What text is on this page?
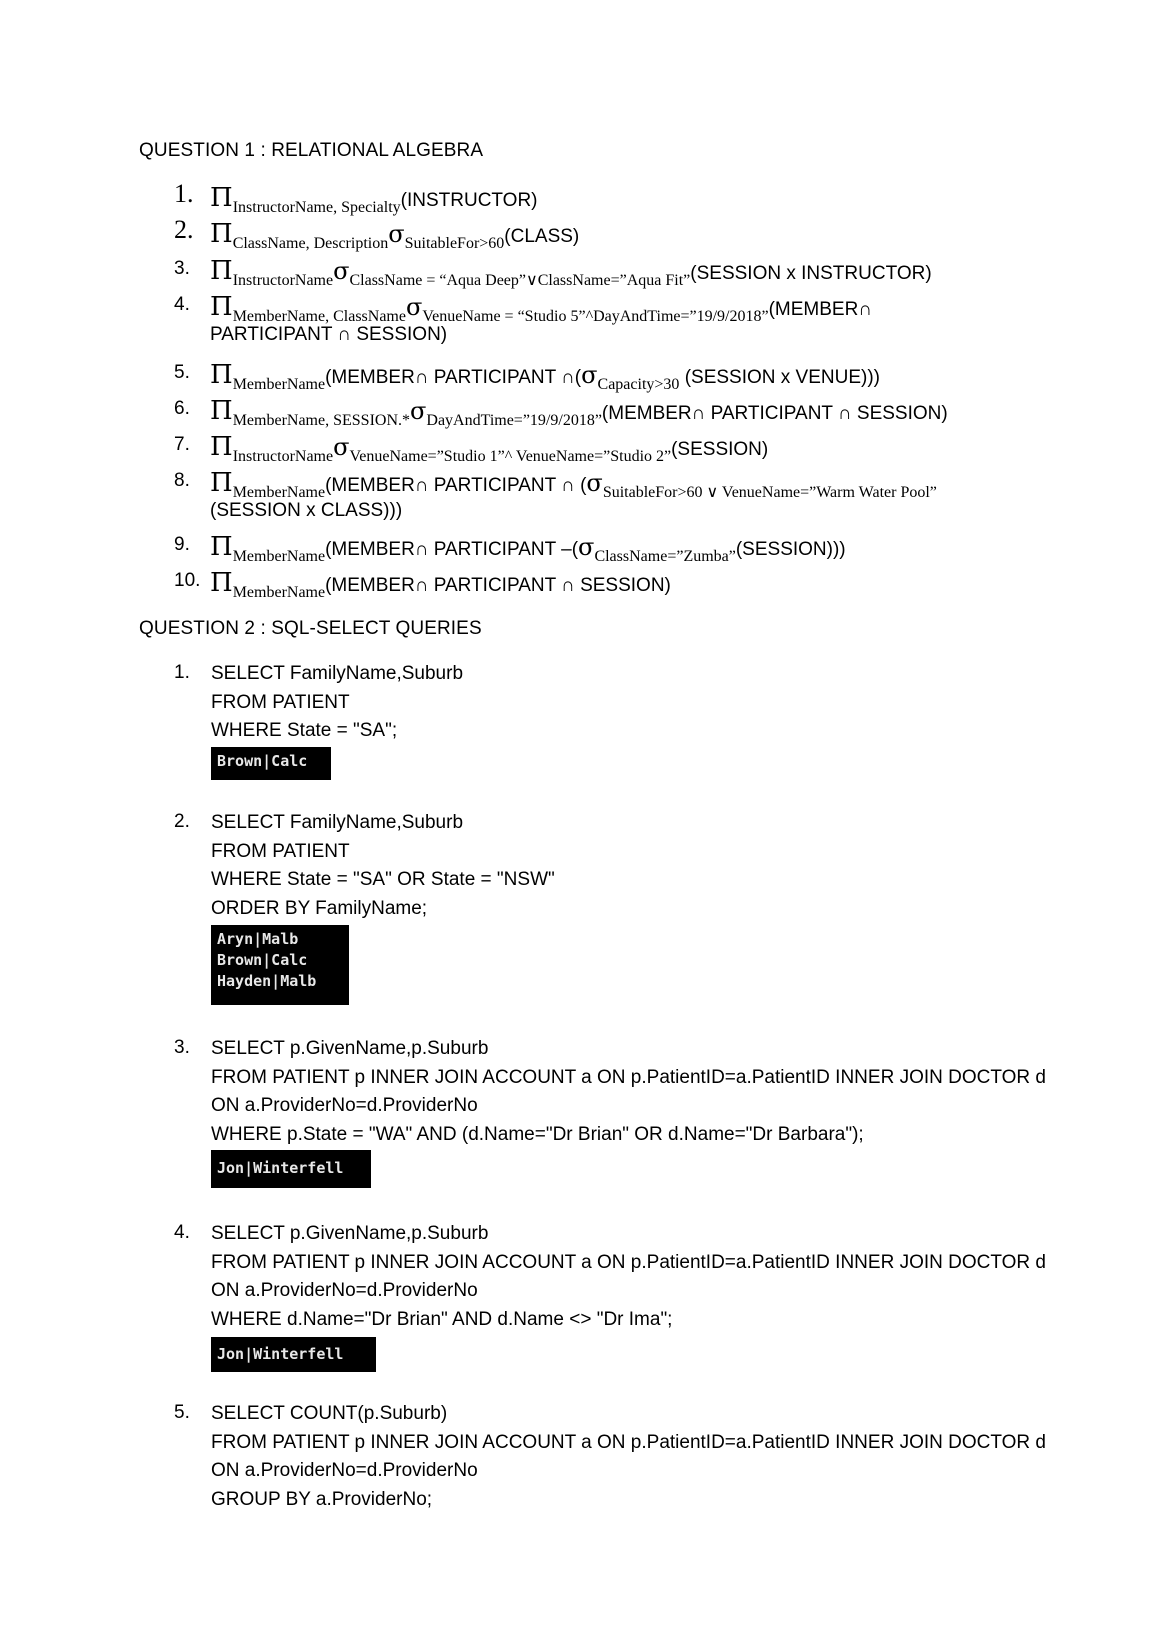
QUESTION 1 : RELATIONAL ALGEBRA
1. $\Pi_{InstructorName, Specialty}(INSTRUCTOR)$
2. $\Pi_{ClassName, Description}\sigma_{SuitableFor>60}(CLASS)$
3. $\Pi_{InstructorName}\sigma_{ClassName = “Aqua Deep”\vee ClassName=”Aqua Fit”}(SESSION$ x INSTRUCTOR)
4. $\Pi_{MemberName, ClassName}\sigma_{VenueName = “Studio 5”\^{}DayAndTime=”19/9/2018”}(MEMBER\cap$
PARTICIPANT ∩ SESSION)
5. $\Pi_{MemberName}(MEMBER\cap$ PARTICIPANT $\cap(\sigma_{Capacity>30}$ (SESSION x VENUE)))
6. $\Pi_{MemberName, SESSION.*}\sigma_{DayAndTime=”19/9/2018”}(MEMBER\cap$ PARTICIPANT ∩ SESSION)
7. $\Pi_{InstructorName}\sigma_{VenueName=”Studio 1”\^{} VenueName=”Studio 2”}(SESSION)$
8. $\Pi_{MemberName}(MEMBER\cap$ PARTICIPANT ∩ ($\sigma_{SuitableFor>60 \vee VenueName=”Warm Water Pool”}$
(SESSION x CLASS)))
9. $\Pi_{MemberName}(MEMBER\cap$ PARTICIPANT $-(\sigma_{ClassName=”Zumba”}(SESSION))$)
10. $\Pi_{MemberName}(MEMBER\cap$ PARTICIPANT ∩ SESSION)
QUESTION 2 : SQL-SELECT QUERIES
1.	SELECT FamilyName,Suburb
FROM PATIENT
WHERE State = "SA";
Brown|Calc
2.	SELECT FamilyName,Suburb
FROM PATIENT
WHERE State = "SA" OR State = "NSW"
ORDER BY FamilyName;
Aryn|Malb
Brown|Calc
Hayden|Malb
3.	SELECT p.GivenName,p.Suburb
FROM PATIENT p INNER JOIN ACCOUNT a ON p.PatientID=a.PatientID INNER JOIN DOCTOR d
ON a.ProviderNo=d.ProviderNo
WHERE p.State = "WA" AND (d.Name="Dr Brian" OR d.Name="Dr Barbara");
Jon|Winterfell
4.	SELECT p.GivenName,p.Suburb
FROM PATIENT p INNER JOIN ACCOUNT a ON p.PatientID=a.PatientID INNER JOIN DOCTOR d
ON a.ProviderNo=d.ProviderNo
WHERE d.Name="Dr Brian" AND d.Name <> "Dr Ima";
Jon|Winterfell
5.	SELECT COUNT(p.Suburb)
FROM PATIENT p INNER JOIN ACCOUNT a ON p.PatientID=a.PatientID INNER JOIN DOCTOR d
ON a.ProviderNo=d.ProviderNo
GROUP BY a.ProviderNo;
